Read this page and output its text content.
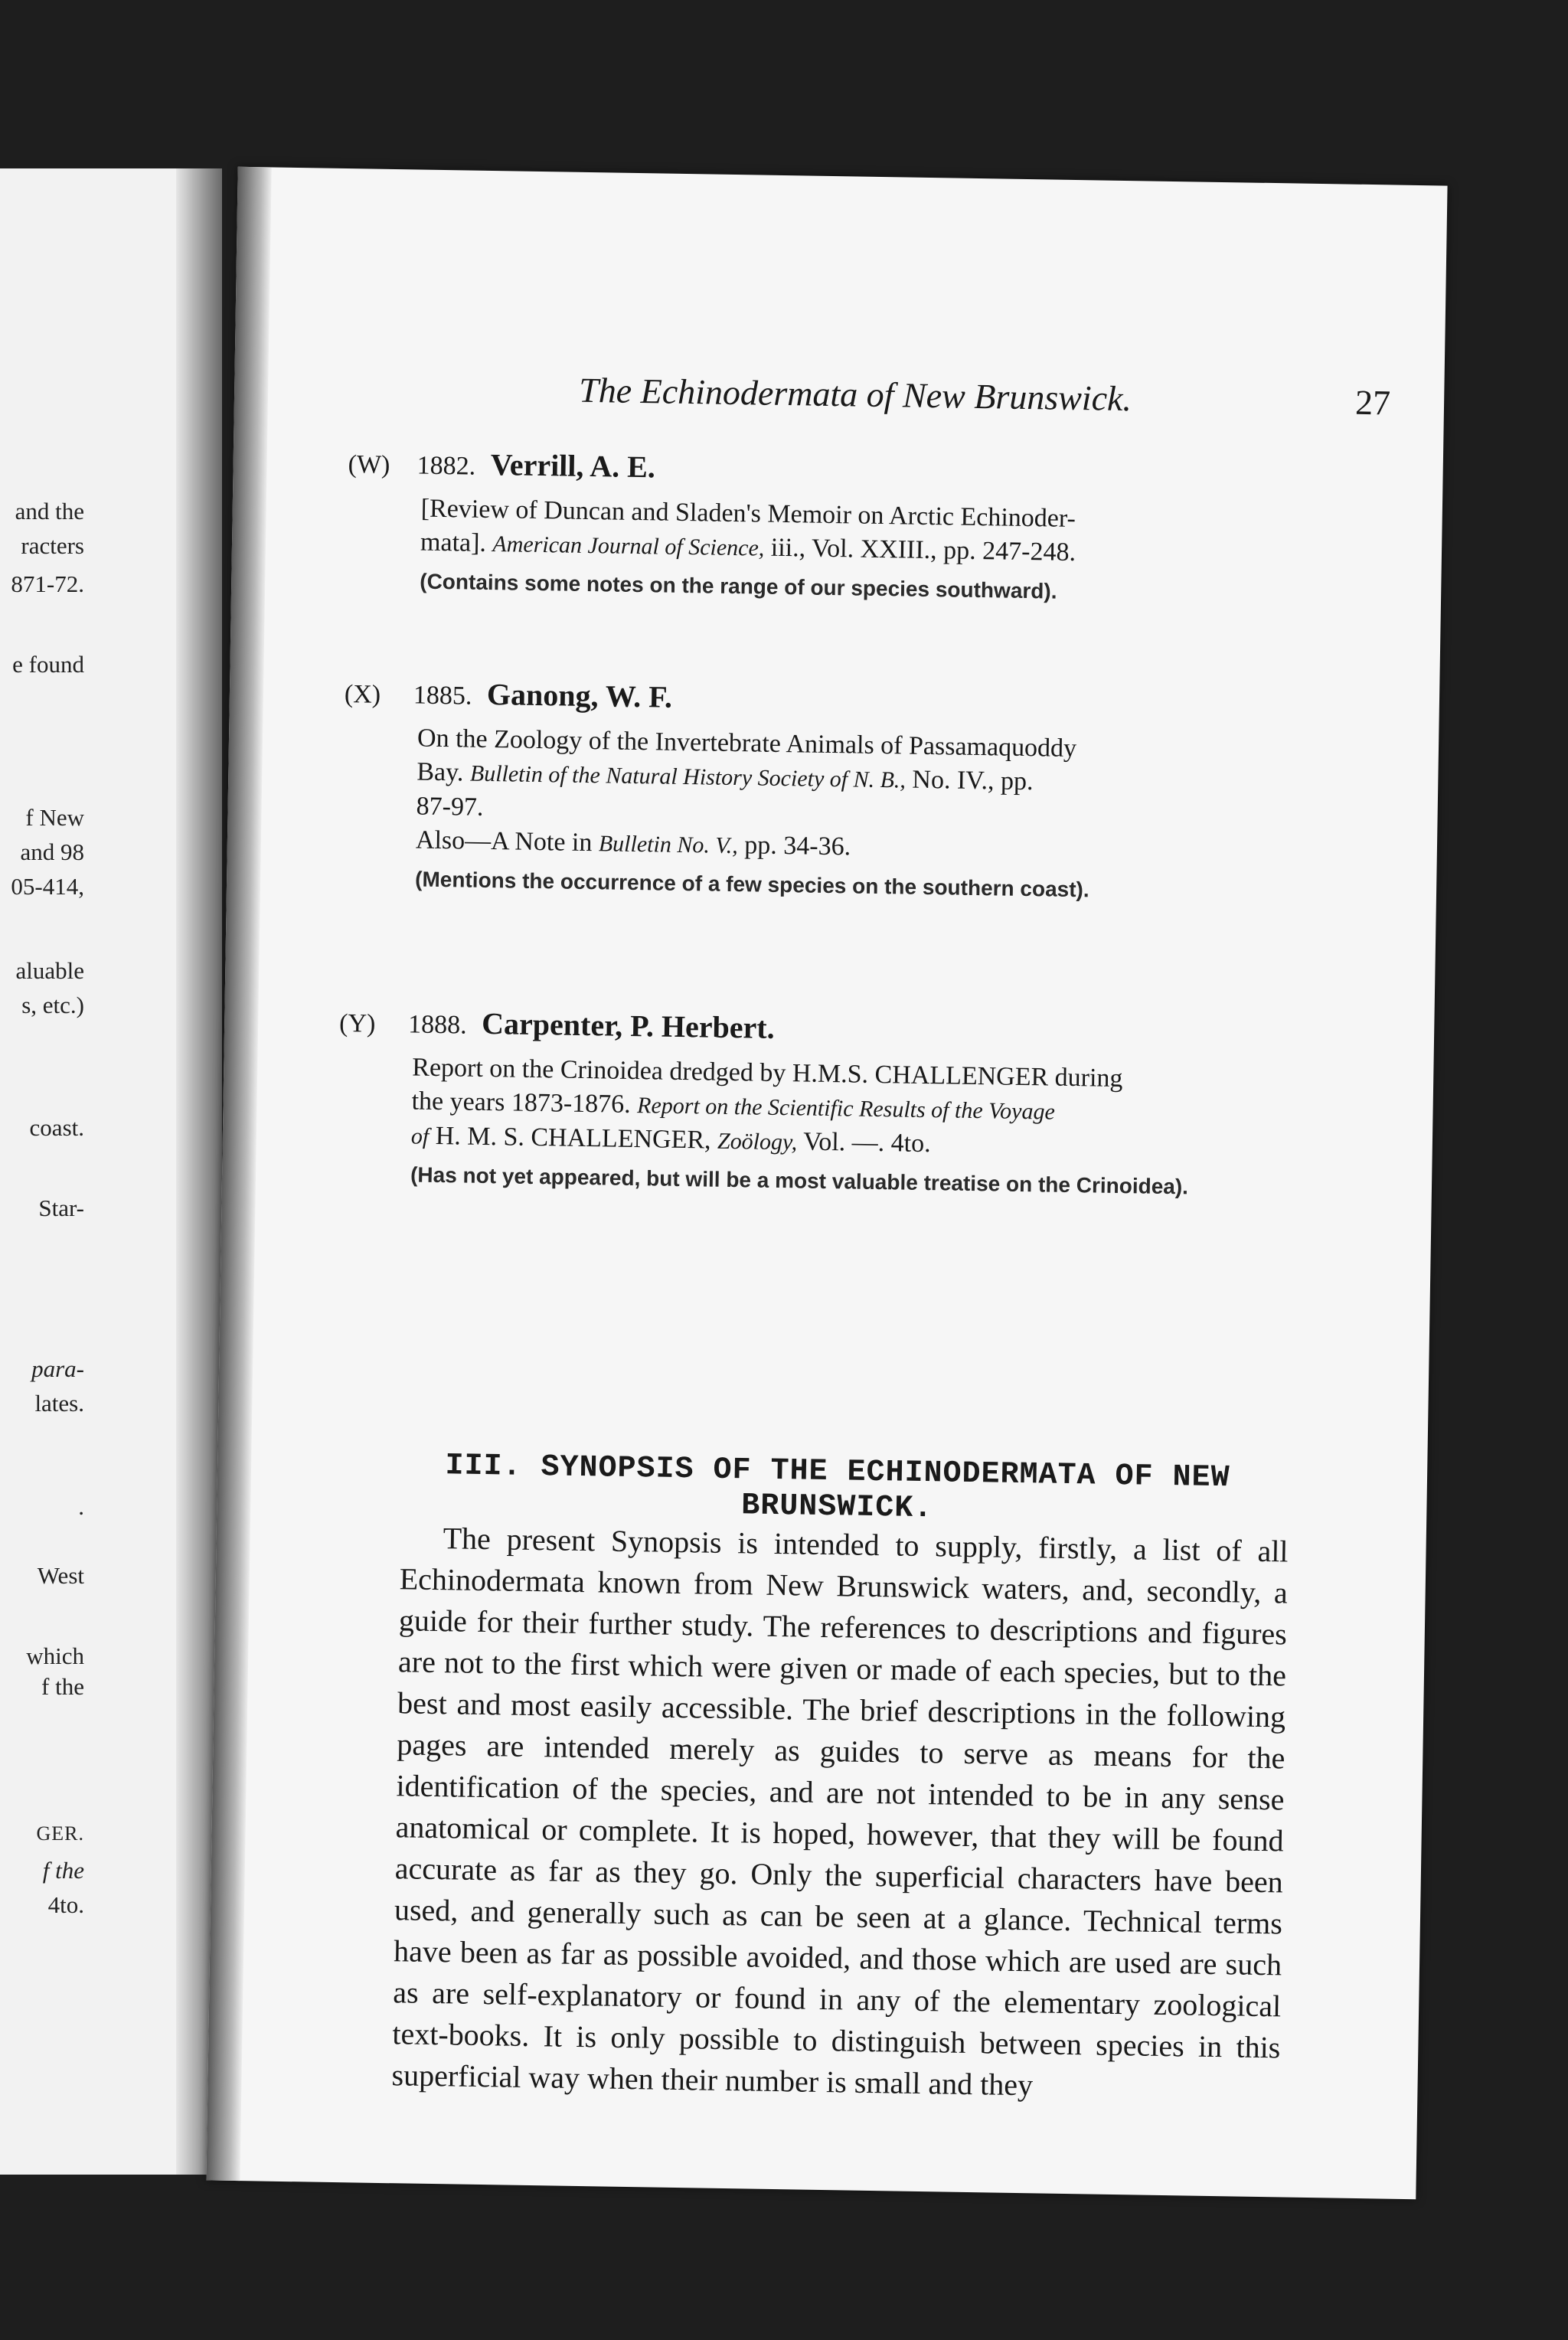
and the
racters
871-72.
e found
f New
and 98
05-414,
aluable
s, etc.)
coast.
Star-
para-
lates.
.
West
which
f the
GER.
f the
4to.
The Echinodermata of New Brunswick.	27
(W) 1882. Verrill, A. E.

[Review of Duncan and Sladen's Memoir on Arctic Echinoder-

mata]. American Journal of Science, iii., Vol. XXIII., pp. 247-248.

(Contains some notes on the range of our species southward).

(X) 1885. Ganong, W. F.

On the Zoology of the Invertebrate Animals of Passamaquoddy

Bay. Bulletin of the Natural History Society of N. B., No. IV., pp.

87-97.

Also—A Note in Bulletin No. V., pp. 34-36.

(Mentions the occurrence of a few species on the southern coast).

(Y) 1888. Carpenter, P. Herbert.

Report on the Crinoidea dredged by H.M.S. CHALLENGER during

the years 1873-1876. Report on the Scientific Results of the Voyage

of H. M. S. CHALLENGER, Zoölogy, Vol. —. 4to.

(Has not yet appeared, but will be a most valuable treatise on the Crinoidea).

III. SYNOPSIS OF THE ECHINODERMATA OF NEW
BRUNSWICK.

The present Synopsis is intended to supply, firstly, a list of all Echinodermata known from New Brunswick waters, and, secondly, a guide for their further study. The references to descriptions and figures are not to the first which were given or made of each species, but to the best and most easily accessible. The brief descriptions in the following pages are intended merely as guides to serve as means for the identification of the species, and are not intended to be in any sense anatomical or complete. It is hoped, however, that they will be found accurate as far as they go. Only the superficial characters have been used, and generally such as can be seen at a glance. Technical terms have been as far as possible avoided, and those which are used are such as are self-explanatory or found in any of the elementary zoological text-books. It is only possible to distinguish between species in this superficial way when their number is small and they
